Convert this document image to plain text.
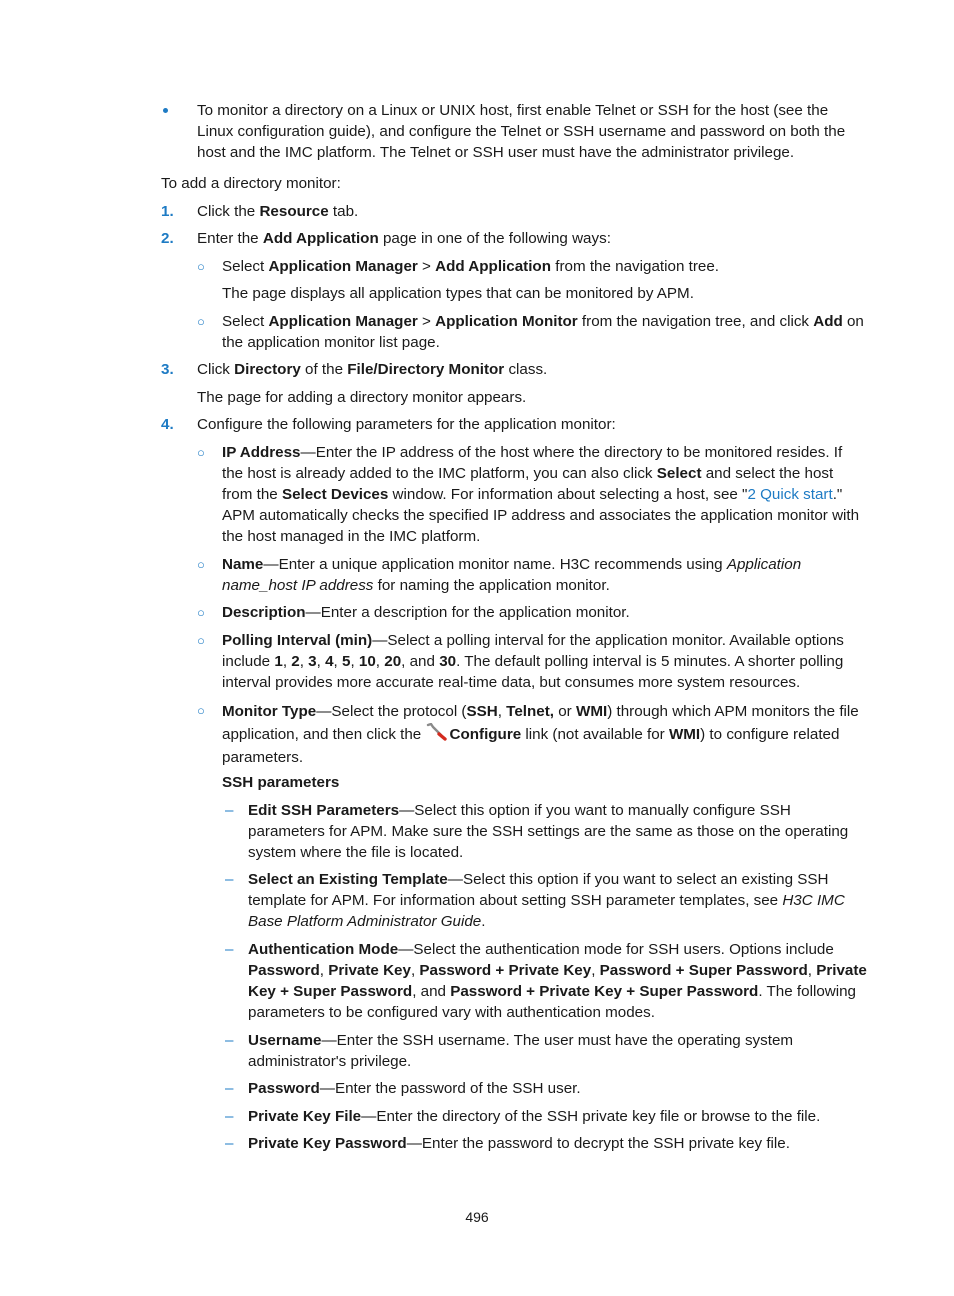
To monitor a directory on a Linux or UNIX host, first enable Telnet or SSH for the host (see the Linux configuration guide), and configure the Telnet or SSH username and password on both the host and the IMC platform. The Telnet or SSH user must have the administrator privilege.

To add a directory monitor:

1. Click the Resource tab.

2. Enter the Add Application page in one of the following ways:

○ Select Application Manager > Add Application from the navigation tree.

The page displays all application types that can be monitored by APM.

○ Select Application Manager > Application Monitor from the navigation tree, and click Add on the application monitor list page.

3. Click Directory of the File/Directory Monitor class.

The page for adding a directory monitor appears.

4. Configure the following parameters for the application monitor:

○ IP Address—Enter the IP address of the host where the directory to be monitored resides. If the host is already added to the IMC platform, you can also click Select and select the host from the Select Devices window. For information about selecting a host, see "2 Quick start." APM automatically checks the specified IP address and associates the application monitor with the host managed in the IMC platform.

○ Name—Enter a unique application monitor name. H3C recommends using Application name_host IP address for naming the application monitor.

○ Description—Enter a description for the application monitor.

○ Polling Interval (min)—Select a polling interval for the application monitor. Available options include 1, 2, 3, 4, 5, 10, 20, and 30. The default polling interval is 5 minutes. A shorter polling interval provides more accurate real-time data, but consumes more system resources.

○ Monitor Type—Select the protocol (SSH, Telnet, or WMI) through which APM monitors the file application, and then click the Configure link (not available for WMI) to configure related parameters.

SSH parameters

– Edit SSH Parameters—Select this option if you want to manually configure SSH parameters for APM. Make sure the SSH settings are the same as those on the operating system where the file is located.

– Select an Existing Template—Select this option if you want to select an existing SSH template for APM. For information about setting SSH parameter templates, see H3C IMC Base Platform Administrator Guide.

– Authentication Mode—Select the authentication mode for SSH users. Options include Password, Private Key, Password + Private Key, Password + Super Password, Private Key + Super Password, and Password + Private Key + Super Password. The following parameters to be configured vary with authentication modes.

– Username—Enter the SSH username. The user must have the operating system administrator's privilege.

– Password—Enter the password of the SSH user.

– Private Key File—Enter the directory of the SSH private key file or browse to the file.

– Private Key Password—Enter the password to decrypt the SSH private key file.

496
